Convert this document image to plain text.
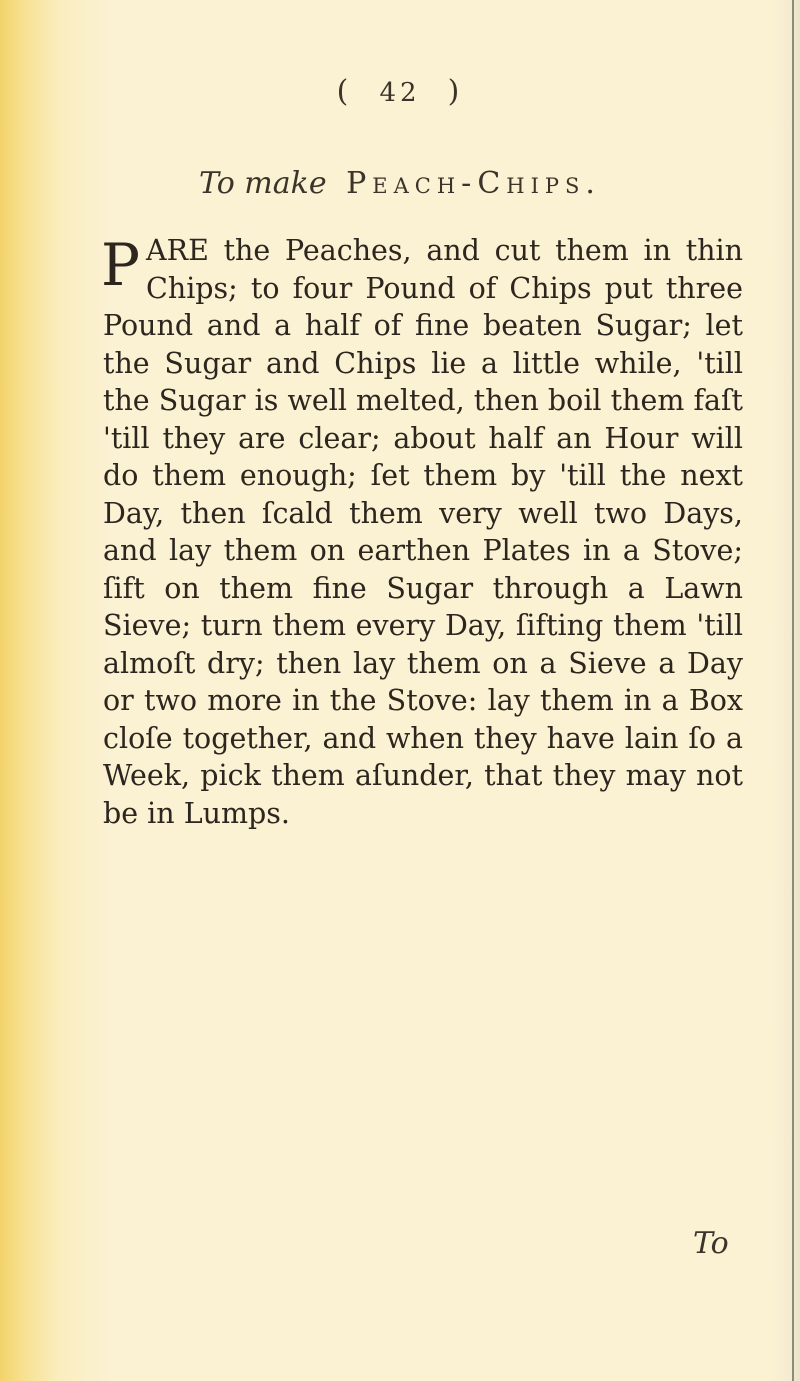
( 42 )
To make Peach-Chips.

PARE the Peaches, and cut them in thin Chips; to four Pound of Chips put three Pound and a half of fine beaten Sugar; let the Sugar and Chips lie a little while, 'till the Sugar is well melted, then boil them faſt 'till they are clear; about half an Hour will do them enough; ſet them by 'till the next Day, then ſcald them very well two Days, and lay them on earthen Plates in a Stove; ſift on them fine Sugar through a Lawn Sieve; turn them every Day, ſifting them 'till almoſt dry; then lay them on a Sieve a Day or two more in the Stove: lay them in a Box cloſe together, and when they have lain ſo a Week, pick them aſunder, that they may not be in Lumps.

To
